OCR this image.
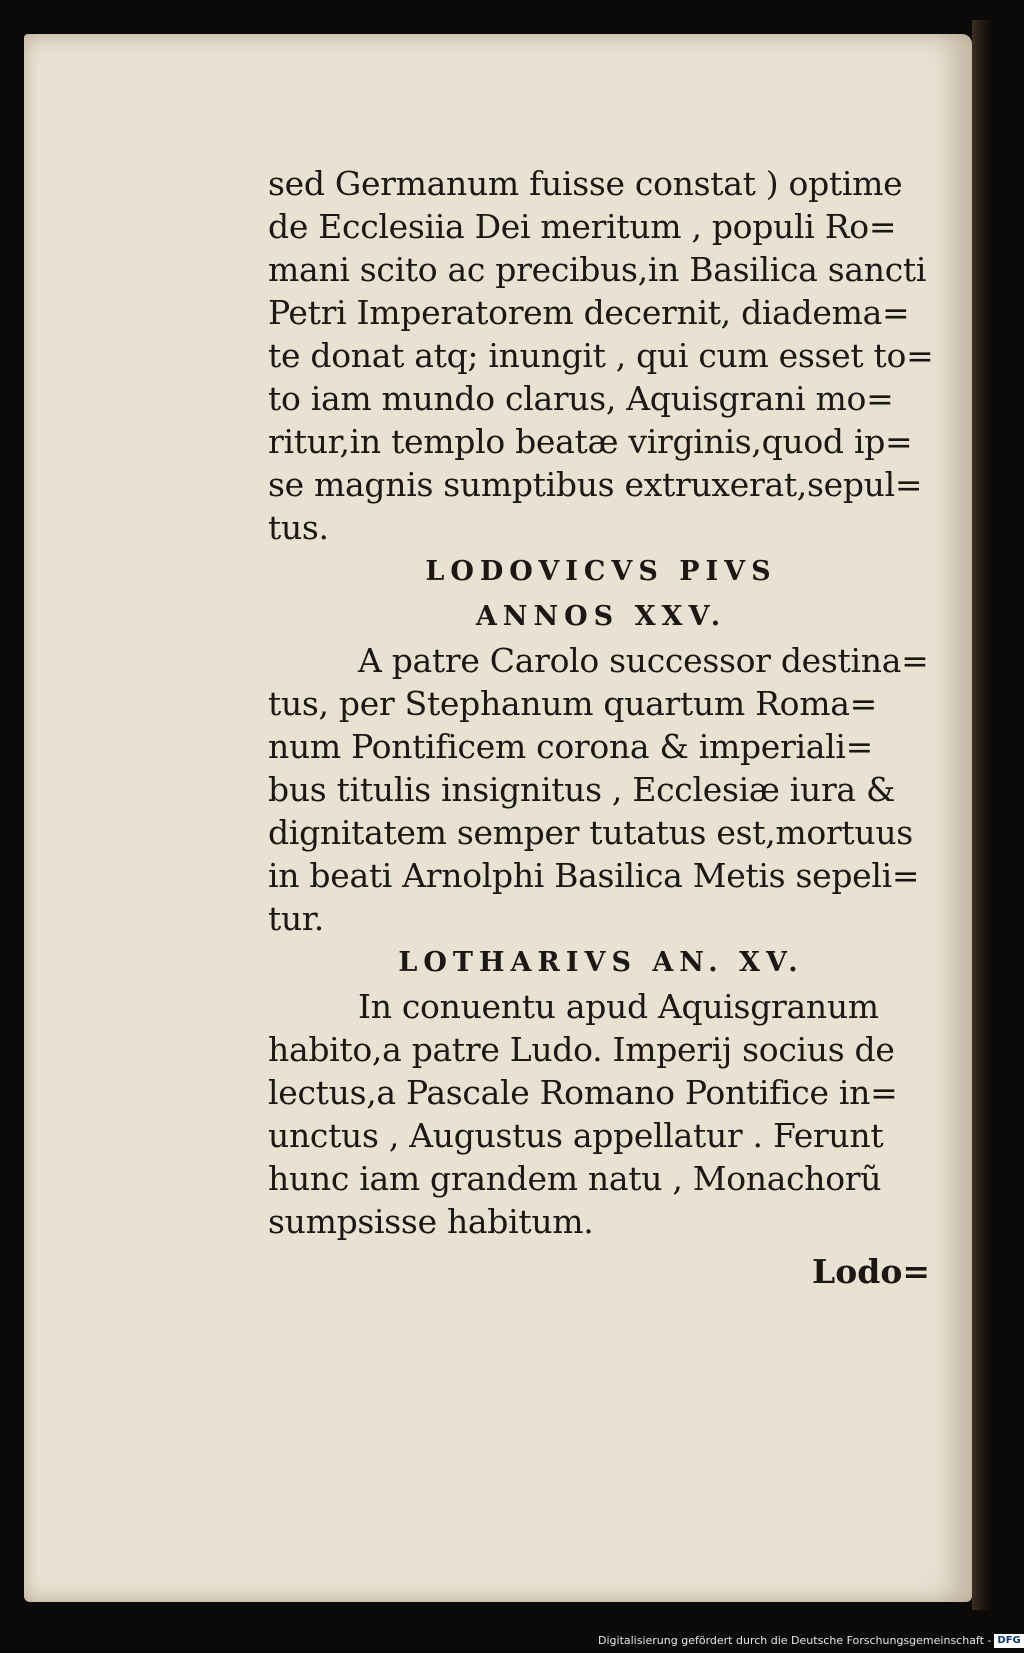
sed Germanum fuisse constat ) optime
de Ecclesiia Dei meritum , populi Ro=
mani scito ac precibus,in Basilica sancti
Petri Imperatorem decernit, diadema=
te donat atq; inungit , qui cum esset to=
to iam mundo clarus, Aquisgrani mo=
ritur,in templo beatæ virginis,quod ip=
se magnis sumptibus extruxerat,sepul=
tus.
LODOVICVS PIVS
ANNOS XXV.
A patre Carolo successor destina=
tus, per Stephanum quartum Roma=
num Pontificem corona & imperiali=
bus titulis insignitus , Ecclesiæ iura &
dignitatem semper tutatus est,mortuus
in beati Arnolphi Basilica Metis sepeli=
tur.
LOTHARIVS AN. XV.
In conuentu apud Aquisgranum
habito,a patre Ludo. Imperij socius de
lectus,a Pascale Romano Pontifice in=
unctus , Augustus appellatur . Ferunt
hunc iam grandem natu , Monachorũ
sumpsisse habitum.
Lodo=
Digitalisierung gefördert durch die Deutsche Forschungsgemeinschaft - DFG
